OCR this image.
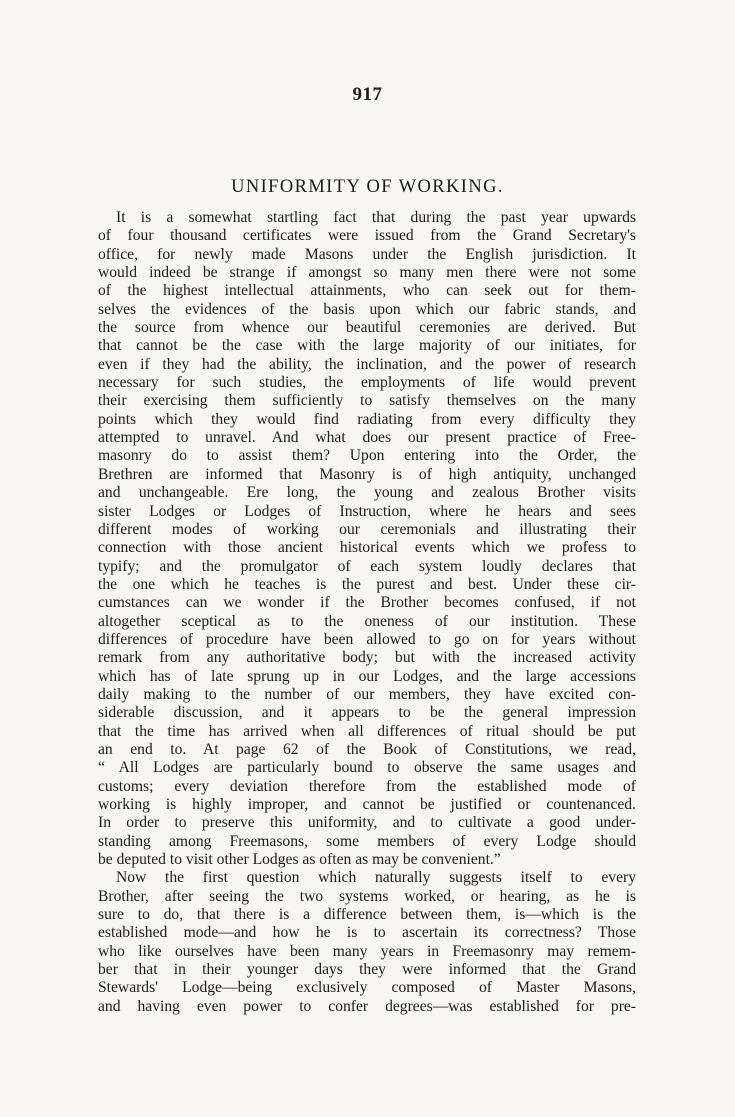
917
UNIFORMITY OF WORKING.
It is a somewhat startling fact that during the past year upwards
of four thousand certificates were issued from the Grand Secretary's
office, for newly made Masons under the English jurisdiction. It
would indeed be strange if amongst so many men there were not some
of the highest intellectual attainments, who can seek out for them-
selves the evidences of the basis upon which our fabric stands, and
the source from whence our beautiful ceremonies are derived. But
that cannot be the case with the large majority of our initiates, for
even if they had the ability, the inclination, and the power of research
necessary for such studies, the employments of life would prevent
their exercising them sufficiently to satisfy themselves on the many
points which they would find radiating from every difficulty they
attempted to unravel. And what does our present practice of Free-
masonry do to assist them? Upon entering into the Order, the
Brethren are informed that Masonry is of high antiquity, unchanged
and unchangeable. Ere long, the young and zealous Brother visits
sister Lodges or Lodges of Instruction, where he hears and sees
different modes of working our ceremonials and illustrating their
connection with those ancient historical events which we profess to
typify; and the promulgator of each system loudly declares that
the one which he teaches is the purest and best. Under these cir-
cumstances can we wonder if the Brother becomes confused, if not
altogether sceptical as to the oneness of our institution. These
differences of procedure have been allowed to go on for years without
remark from any authoritative body; but with the increased activity
which has of late sprung up in our Lodges, and the large accessions
daily making to the number of our members, they have excited con-
siderable discussion, and it appears to be the general impression
that the time has arrived when all differences of ritual should be put
an end to. At page 62 of the Book of Constitutions, we read,
“ All Lodges are particularly bound to observe the same usages and
customs; every deviation therefore from the established mode of
working is highly improper, and cannot be justified or countenanced.
In order to preserve this uniformity, and to cultivate a good under-
standing among Freemasons, some members of every Lodge should
be deputed to visit other Lodges as often as may be convenient.”
Now the first question which naturally suggests itself to every
Brother, after seeing the two systems worked, or hearing, as he is
sure to do, that there is a difference between them, is—which is the
established mode—and how he is to ascertain its correctness? Those
who like ourselves have been many years in Freemasonry may remem-
ber that in their younger days they were informed that the Grand
Stewards' Lodge—being exclusively composed of Master Masons,
and having even power to confer degrees—was established for pre-
